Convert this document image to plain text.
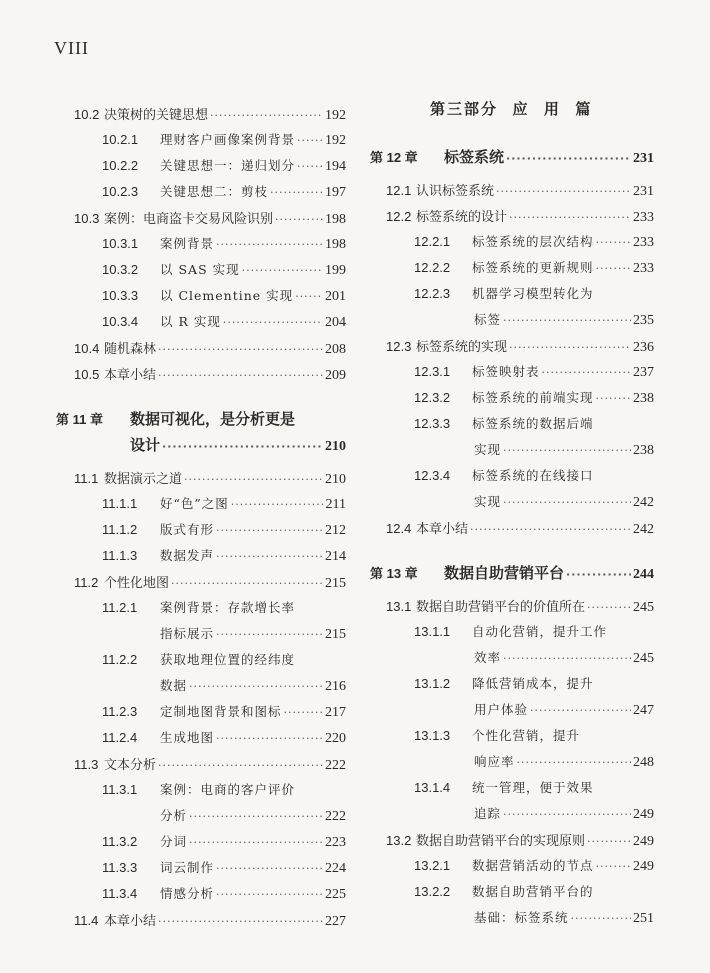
VIII
10.2 决策树的关键思想 ·····	192
10.2.1	理财客户画像案例背景 ····· 192
10.2.2	关键思想一：递归划分 ····· 194
10.2.3	关键思想二：剪枝 ·····	197
10.3 案例：电商盗卡交易风险识别 ·····	198
10.3.1	案例背景 ·····	198
10.3.2	以 SAS 实现 ·····	199
10.3.3	以 Clementine 实现 ····· 201
10.3.4	以 R 实现 ·····	204
10.4 随机森林 ·····	208
10.5 本章小结 ·····	209
第 11 章	数据可视化，是分析更是
设计 ·····	210
11.1 数据演示之道 ·····	210
11.1.1	好“色”之图 ·····	211
11.1.2	版式有形 ·····	212
11.1.3	数据发声 ·····	214
11.2 个性化地图 ·····	215
11.2.1	案例背景：存款增长率
指标展示 ·····	215
11.2.2	获取地理位置的经纬度
数据 ·····	216
11.2.3	定制地图背景和图标 ·····	217
11.2.4	生成地图 ·····	220
11.3 文本分析 ·····	222
11.3.1	案例：电商的客户评价
分析 ·····	222
11.3.2	分词 ·····	223
11.3.3	词云制作 ·····	224
11.3.4	情感分析 ·····	225
11.4 本章小结 ·····	227
第三部分  应  用  篇
第 12 章	标签系统 ·····	231
12.1 认识标签系统 ·····	231
12.2 标签系统的设计 ·····	233
12.2.1	标签系统的层次结构 ·····	233
12.2.2	标签系统的更新规则 ·····	233
12.2.3	机器学习模型转化为
标签 ·····	235
12.3 标签系统的实现 ·····	236
12.3.1	标签映射表 ·····	237
12.3.2	标签系统的前端实现 ·····	238
12.3.3	标签系统的数据后端
实现 ·····	238
12.3.4	标签系统的在线接口
实现 ·····	242
12.4 本章小结 ·····	242
第 13 章	数据自助营销平台 ·····	244
13.1 数据自助营销平台的价值所在 ·····	245
13.1.1	自动化营销，提升工作
效率 ·····	245
13.1.2	降低营销成本，提升
用户体验 ·····	247
13.1.3	个性化营销，提升
响应率 ·····	248
13.1.4	统一管理，便于效果
追踪 ·····	249
13.2 数据自助营销平台的实现原则 ·····	249
13.2.1	数据营销活动的节点 ·····	249
13.2.2	数据自助营销平台的
基础：标签系统 ·····	251
